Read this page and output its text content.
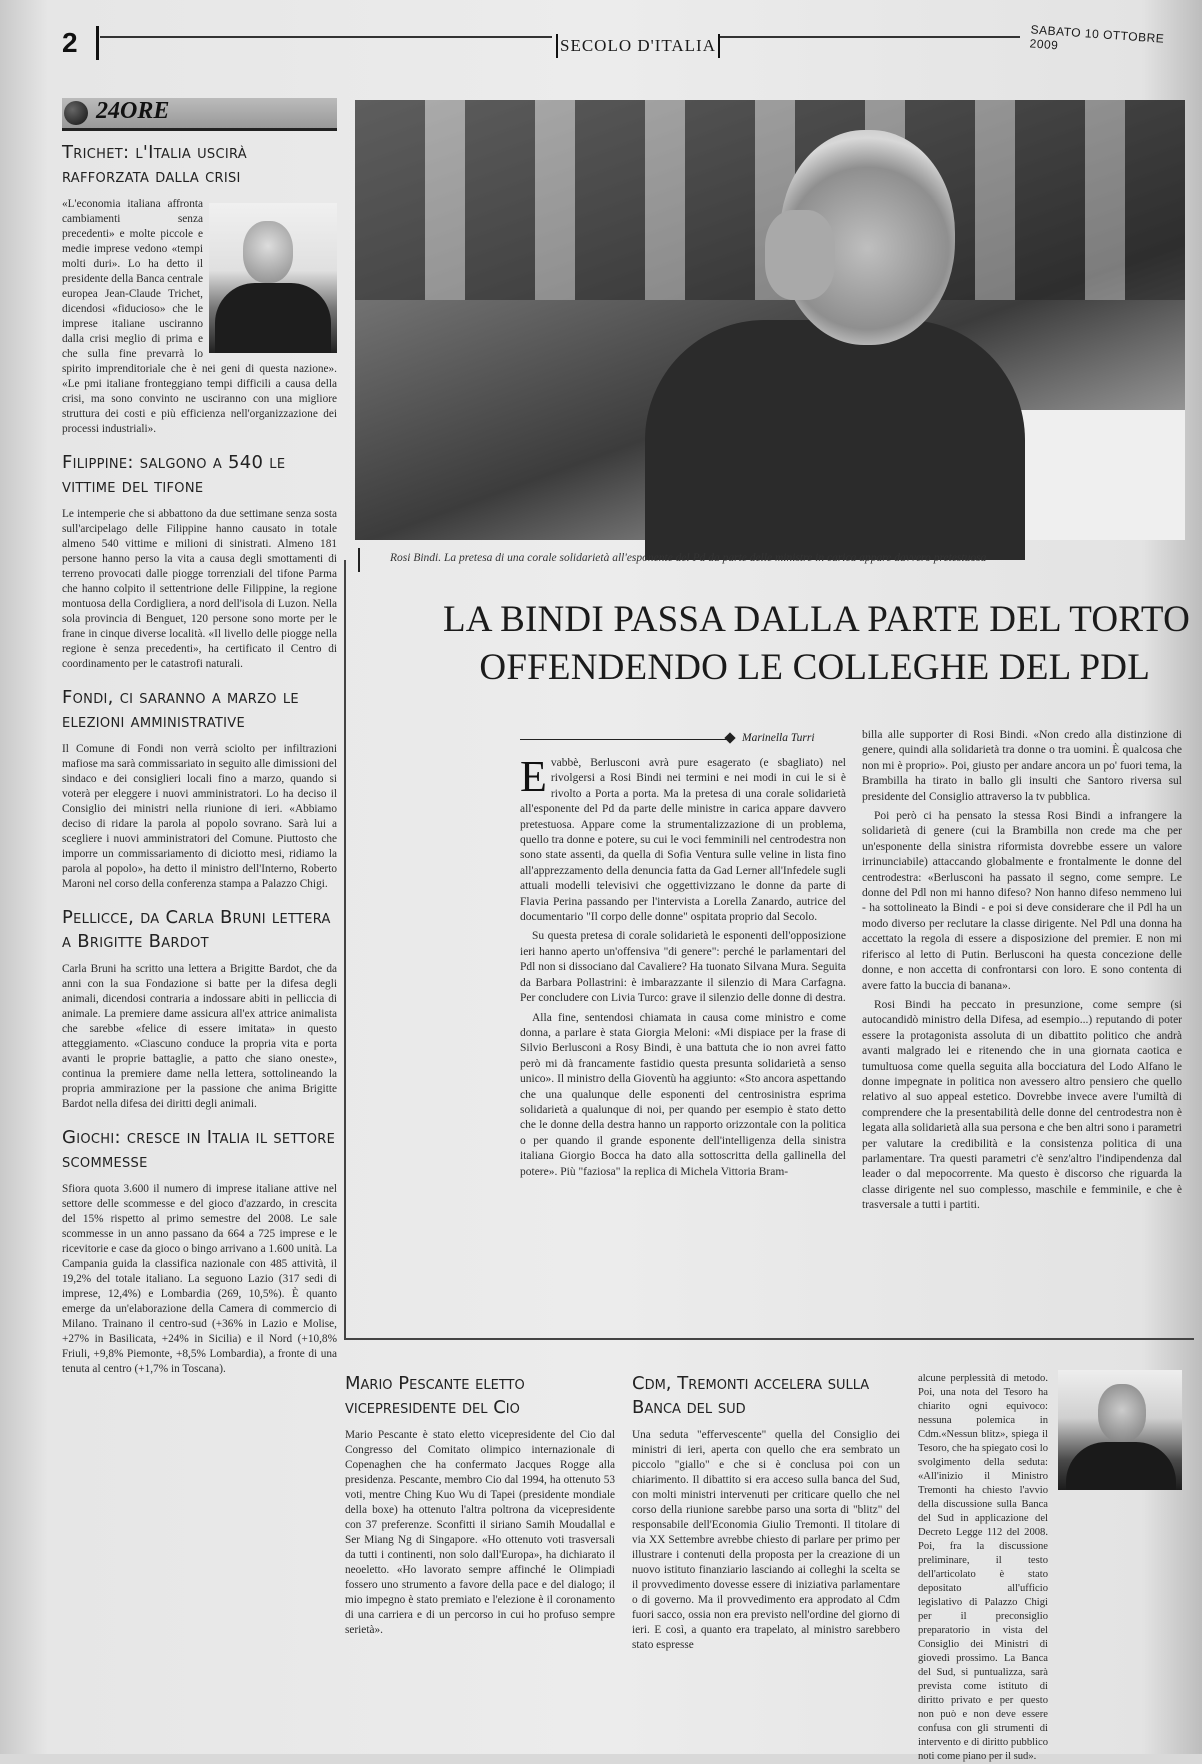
2	SECOLO D'ITALIA	SABATO 10 OTTOBRE 2009
24ORE
Trichet: l'Italia uscirà rafforzata dalla crisi

«L'economia italiana affronta cambiamenti senza precedenti» e molte piccole e medie imprese vedono «tempi molti duri». Lo ha detto il presidente della Banca centrale europea Jean-Claude Trichet, dicendosi «fiducioso» che le imprese italiane usciranno dalla crisi meglio di prima e che sulla fine prevarrà lo spirito imprenditoriale che è nei geni di questa nazione». «Le pmi italiane fronteggiano tempi difficili a causa della crisi, ma sono convinto ne usciranno con una migliore struttura dei costi e più efficienza nell'organizzazione dei processi industriali».

Filippine: salgono a 540 le vittime del tifone

Le intemperie che si abbattono da due settimane senza sosta sull'arcipelago delle Filippine hanno causato in totale almeno 540 vittime e milioni di sinistrati. Almeno 181 persone hanno perso la vita a causa degli smottamenti di terreno provocati dalle piogge torrenziali del tifone Parma che hanno colpito il settentrione delle Filippine, la regione montuosa della Cordigliera, a nord dell'isola di Luzon. Nella sola provincia di Benguet, 120 persone sono morte per le frane in cinque diverse località. «Il livello delle piogge nella regione è senza precedenti», ha certificato il Centro di coordinamento per le catastrofi naturali.

Fondi, ci saranno a marzo le elezioni amministrative

Il Comune di Fondi non verrà sciolto per infiltrazioni mafiose ma sarà commissariato in seguito alle dimissioni del sindaco e dei consiglieri locali fino a marzo, quando si voterà per eleggere i nuovi amministratori. Lo ha deciso il Consiglio dei ministri nella riunione di ieri. «Abbiamo deciso di ridare la parola al popolo sovrano. Sarà lui a scegliere i nuovi amministratori del Comune. Piuttosto che imporre un commissariamento di diciotto mesi, ridiamo la parola al popolo», ha detto il ministro dell'Interno, Roberto Maroni nel corso della conferenza stampa a Palazzo Chigi.

Pellicce, da Carla Bruni lettera a Brigitte Bardot

Carla Bruni ha scritto una lettera a Brigitte Bardot, che da anni con la sua Fondazione si batte per la difesa degli animali, dicendosi contraria a indossare abiti in pelliccia di animale. La premiere dame assicura all'ex attrice animalista che sarebbe «felice di essere imitata» in questo atteggiamento. «Ciascuno conduce la propria vita e porta avanti le proprie battaglie, a patto che siano oneste», continua la premiere dame nella lettera, sottolineando la propria ammirazione per la passione che anima Brigitte Bardot nella difesa dei diritti degli animali.

Giochi: cresce in Italia il settore scommesse

Sfiora quota 3.600 il numero di imprese italiane attive nel settore delle scommesse e del gioco d'azzardo, in crescita del 15% rispetto al primo semestre del 2008. Le sale scommesse in un anno passano da 664 a 725 imprese e le ricevitorie e case da gioco o bingo arrivano a 1.600 unità. La Campania guida la classifica nazionale con 485 attività, il 19,2% del totale italiano. La seguono Lazio (317 sedi di imprese, 12,4%) e Lombardia (269, 10,5%). È quanto emerge da un'elaborazione della Camera di commercio di Milano. Trainano il centro-sud (+36% in Lazio e Molise, +27% in Basilicata, +24% in Sicilia) e il Nord (+10,8% Friuli, +9,8% Piemonte, +8,5% Lombardia), a fronte di una tenuta al centro (+1,7% in Toscana).

Rosi Bindi. La pretesa di una corale solidarietà all'esponente del Pd da parte delle ministre in carica appare davvero pretestuosa
LA BINDI PASSA DALLA PARTE DEL TORTO
OFFENDENDO LE COLLEGHE DEL PDL
Marinella Turri

Evabbè, Berlusconi avrà pure esagerato (e sbagliato) nel rivolgersi a Rosi Bindi nei termini e nei modi in cui le si è rivolto a Porta a porta. Ma la pretesa di una corale solidarietà all'esponente del Pd da parte delle ministre in carica appare davvero pretestuosa. Appare come la strumentalizzazione di un problema, quello tra donne e potere, su cui le voci femminili nel centrodestra non sono state assenti, da quella di Sofia Ventura sulle veline in lista fino all'apprezzamento della denuncia fatta da Gad Lerner all'Infedele sugli attuali modelli televisivi che oggettivizzano le donne da parte di Flavia Perina passando per l'intervista a Lorella Zanardo, autrice del documentario "Il corpo delle donne" ospitata proprio dal Secolo.

Su questa pretesa di corale solidarietà le esponenti dell'opposizione ieri hanno aperto un'offensiva "di genere": perché le parlamentari del Pdl non si dissociano dal Cavaliere? Ha tuonato Silvana Mura. Seguita da Barbara Pollastrini: è imbarazzante il silenzio di Mara Carfagna. Per concludere con Livia Turco: grave il silenzio delle donne di destra.

Alla fine, sentendosi chiamata in causa come ministro e come donna, a parlare è stata Giorgia Meloni: «Mi dispiace per la frase di Silvio Berlusconi a Rosy Bindi, è una battuta che io non avrei fatto però mi dà francamente fastidio questa presunta solidarietà a senso unico». Il ministro della Gioventù ha aggiunto: «Sto ancora aspettando che una qualunque delle esponenti del centrosinistra esprima solidarietà a qualunque di noi, per quando per esempio è stato detto che le donne della destra hanno un rapporto orizzontale con la politica o per quando il grande esponente dell'intelligenza della sinistra italiana Giorgio Bocca ha dato alla sottoscritta della gallinella del potere». Più "faziosa" la replica di Michela Vittoria Bram-

billa alle supporter di Rosi Bindi. «Non credo alla distinzione di genere, quindi alla solidarietà tra donne o tra uomini. È qualcosa che non mi è proprio». Poi, giusto per andare ancora un po' fuori tema, la Brambilla ha tirato in ballo gli insulti che Santoro riversa sul presidente del Consiglio attraverso la tv pubblica.

Poi però ci ha pensato la stessa Rosi Bindi a infrangere la solidarietà di genere (cui la Brambilla non crede ma che per un'esponente della sinistra riformista dovrebbe essere un valore irrinunciabile) attaccando globalmente e frontalmente le donne del centrodestra: «Berlusconi ha passato il segno, come sempre. Le donne del Pdl non mi hanno difeso? Non hanno difeso nemmeno lui - ha sottolineato la Bindi - e poi si deve considerare che il Pdl ha un modo diverso per reclutare la classe dirigente. Nel Pdl una donna ha accettato la regola di essere a disposizione del premier. E non mi riferisco al letto di Putin. Berlusconi ha questa concezione delle donne, e non accetta di confrontarsi con loro. E sono contenta di avere fatto la buccia di banana».

Rosi Bindi ha peccato in presunzione, come sempre (si autocandidò ministro della Difesa, ad esempio...) reputando di poter essere la protagonista assoluta di un dibattito politico che andrà avanti malgrado lei e ritenendo che in una giornata caotica e tumultuosa come quella seguita alla bocciatura del Lodo Alfano le donne impegnate in politica non avessero altro pensiero che quello relativo al suo appeal estetico. Dovrebbe invece avere l'umiltà di comprendere che la presentabilità delle donne del centrodestra non è legata alla solidarietà alla sua persona e che ben altri sono i parametri per valutare la credibilità e la consistenza politica di una parlamentare. Tra questi parametri c'è senz'altro l'indipendenza dal leader o dal mepocorrente. Ma questo è discorso che riguarda la classe dirigente nel suo complesso, maschile e femminile, e che è trasversale a tutti i partiti.

Mario Pescante eletto vicepresidente del Cio

Mario Pescante è stato eletto vicepresidente del Cio dal Congresso del Comitato olimpico internazionale di Copenaghen che ha confermato Jacques Rogge alla presidenza. Pescante, membro Cio dal 1994, ha ottenuto 53 voti, mentre Ching Kuo Wu di Tapei (presidente mondiale della boxe) ha ottenuto l'altra poltrona da vicepresidente con 37 preferenze. Sconfitti il siriano Samih Moudallal e Ser Miang Ng di Singapore. «Ho ottenuto voti trasversali da tutti i continenti, non solo dall'Europa», ha dichiarato il neoeletto. «Ho lavorato sempre affinché le Olimpiadi fossero uno strumento a favore della pace e del dialogo; il mio impegno è stato premiato e l'elezione è il coronamento di una carriera e di un percorso in cui ho profuso sempre serietà».

Cdm, Tremonti accelera sulla Banca del sud

Una seduta "effervescente" quella del Consiglio dei ministri di ieri, aperta con quello che era sembrato un piccolo "giallo" e che si è conclusa poi con un chiarimento. Il dibattito si era acceso sulla banca del Sud, con molti ministri intervenuti per criticare quello che nel corso della riunione sarebbe parso una sorta di "blitz" del responsabile dell'Economia Giulio Tremonti. Il titolare di via XX Settembre avrebbe chiesto di parlare per primo per illustrare i contenuti della proposta per la creazione di un nuovo istituto finanziario lasciando ai colleghi la scelta se il provvedimento dovesse essere di iniziativa parlamentare o di governo. Ma il provvedimento era approdato al Cdm fuori sacco, ossia non era previsto nell'ordine del giorno di ieri. E così, a quanto era trapelato, al ministro sarebbero stato espresse

alcune perplessità di metodo. Poi, una nota del Tesoro ha chiarito ogni equivoco: nessuna polemica in Cdm.«Nessun blitz», spiega il Tesoro, che ha spiegato così lo svolgimento della seduta: «All'inizio il Ministro Tremonti ha chiesto l'avvio della discussione sulla Banca del Sud in applicazione del Decreto Legge 112 del 2008. Poi, fra la discussione preliminare, il testo dell'articolato è stato depositato all'ufficio legislativo di Palazzo Chigi per il preconsiglio preparatorio in vista del Consiglio dei Ministri di giovedì prossimo. La Banca del Sud, si puntualizza, sarà prevista come istituto di diritto privato e per questo non può e non deve essere confusa con gli strumenti di intervento e di diritto pubblico noti come piano per il sud».
